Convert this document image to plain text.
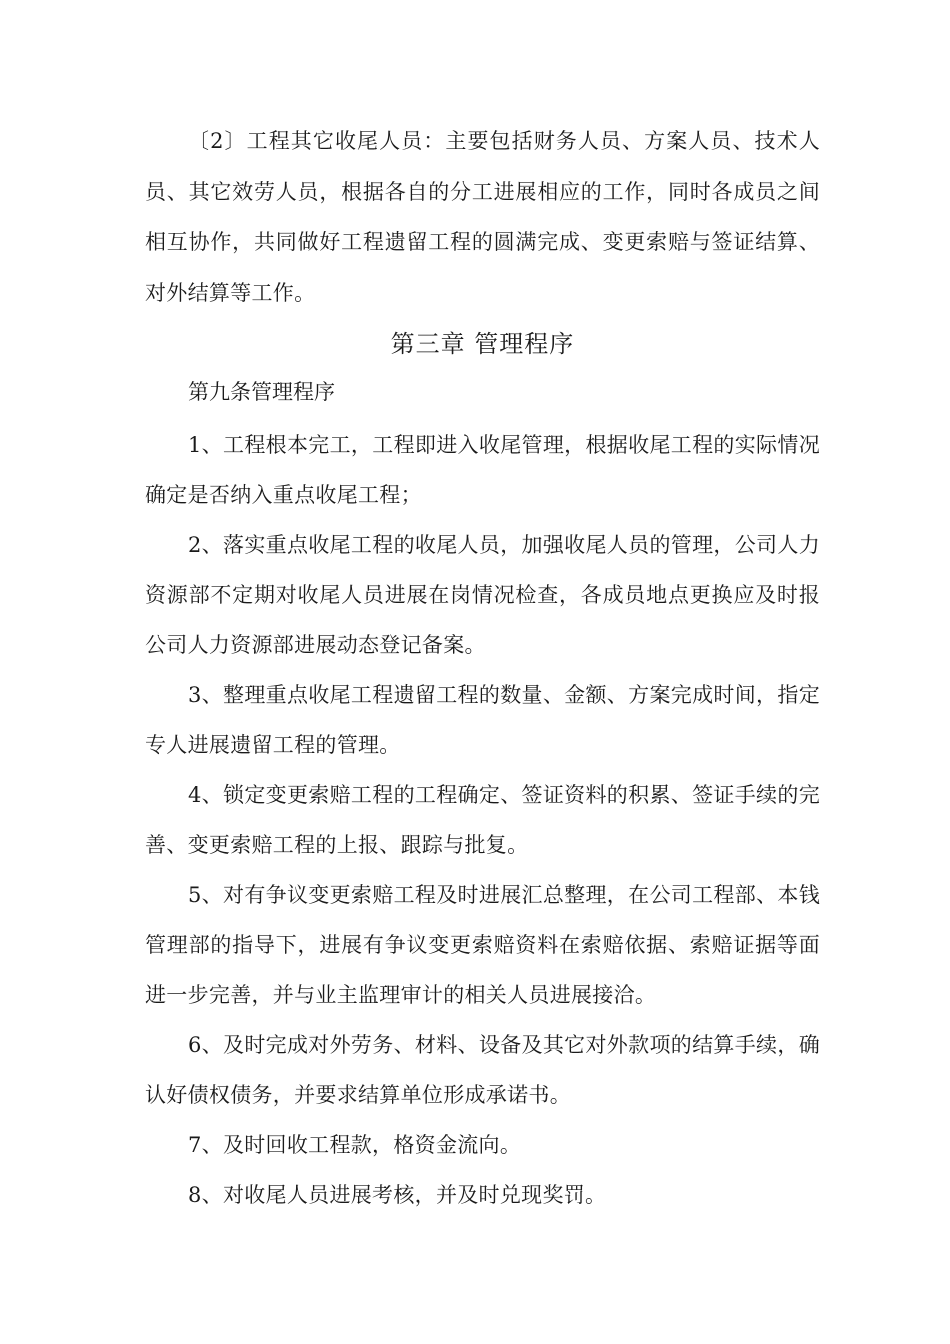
〔2〕工程其它收尾人员：主要包括财务人员、方案人员、技术人员、其它效劳人员，根据各自的分工进展相应的工作，同时各成员之间相互协作，共同做好工程遗留工程的圆满完成、变更索赔与签证结算、对外结算等工作。

第三章 管理程序

第九条管理程序

1、工程根本完工，工程即进入收尾管理，根据收尾工程的实际情况确定是否纳入重点收尾工程；

2、落实重点收尾工程的收尾人员，加强收尾人员的管理，公司人力资源部不定期对收尾人员进展在岗情况检查，各成员地点更换应及时报公司人力资源部进展动态登记备案。

3、整理重点收尾工程遗留工程的数量、金额、方案完成时间，指定专人进展遗留工程的管理。

4、锁定变更索赔工程的工程确定、签证资料的积累、签证手续的完善、变更索赔工程的上报、跟踪与批复。

5、对有争议变更索赔工程及时进展汇总整理，在公司工程部、本钱管理部的指导下，进展有争议变更索赔资料在索赔依据、索赔证据等面进一步完善，并与业主监理审计的相关人员进展接洽。

6、及时完成对外劳务、材料、设备及其它对外款项的结算手续，确认好债权债务，并要求结算单位形成承诺书。

7、及时回收工程款，格资金流向。

8、对收尾人员进展考核，并及时兑现奖罚。
